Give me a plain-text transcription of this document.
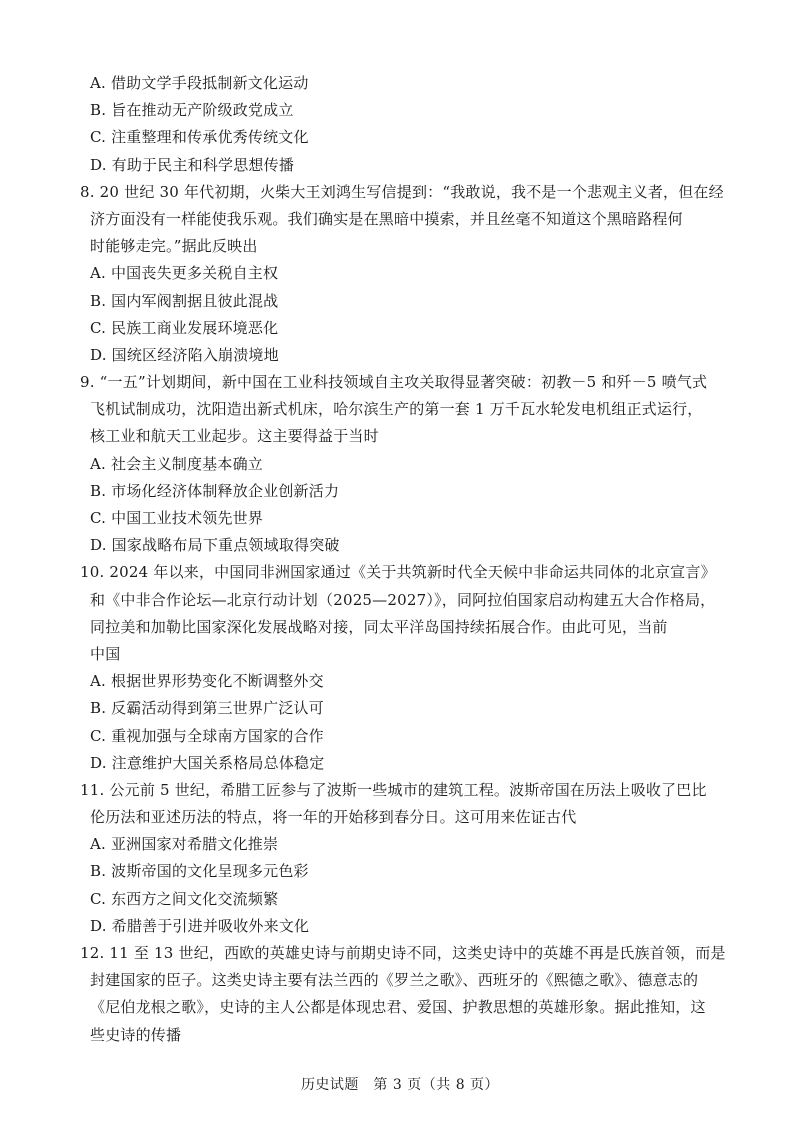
A. 借助文学手段抵制新文化运动
B. 旨在推动无产阶级政党成立
C. 注重整理和传承优秀传统文化
D. 有助于民主和科学思想传播
8. 20 世纪 30 年代初期，火柴大王刘鸿生写信提到：“我敢说，我不是一个悲观主义者，但在经
济方面没有一样能使我乐观。我们确实是在黑暗中摸索，并且丝毫不知道这个黑暗路程何
时能够走完。”据此反映出
A. 中国丧失更多关税自主权
B. 国内军阀割据且彼此混战
C. 民族工商业发展环境恶化
D. 国统区经济陷入崩溃境地
9. “一五”计划期间，新中国在工业科技领域自主攻关取得显著突破：初教－5 和歼－5 喷气式
飞机试制成功，沈阳造出新式机床，哈尔滨生产的第一套 1 万千瓦水轮发电机组正式运行，
核工业和航天工业起步。这主要得益于当时
A. 社会主义制度基本确立
B. 市场化经济体制释放企业创新活力
C. 中国工业技术领先世界
D. 国家战略布局下重点领域取得突破
10. 2024 年以来，中国同非洲国家通过《关于共筑新时代全天候中非命运共同体的北京宣言》
和《中非合作论坛—北京行动计划（2025—2027）》，同阿拉伯国家启动构建五大合作格局，
同拉美和加勒比国家深化发展战略对接，同太平洋岛国持续拓展合作。由此可见，当前
中国
A. 根据世界形势变化不断调整外交
B. 反霸活动得到第三世界广泛认可
C. 重视加强与全球南方国家的合作
D. 注意维护大国关系格局总体稳定
11. 公元前 5 世纪，希腊工匠参与了波斯一些城市的建筑工程。波斯帝国在历法上吸收了巴比
伦历法和亚述历法的特点，将一年的开始移到春分日。这可用来佐证古代
A. 亚洲国家对希腊文化推崇
B. 波斯帝国的文化呈现多元色彩
C. 东西方之间文化交流频繁
D. 希腊善于引进并吸收外来文化
12. 11 至 13 世纪，西欧的英雄史诗与前期史诗不同，这类史诗中的英雄不再是氏族首领，而是
封建国家的臣子。这类史诗主要有法兰西的《罗兰之歌》、西班牙的《熙德之歌》、德意志的
《尼伯龙根之歌》，史诗的主人公都是体现忠君、爱国、护教思想的英雄形象。据此推知，这
些史诗的传播
历史试题　第 3 页（共 8 页）
